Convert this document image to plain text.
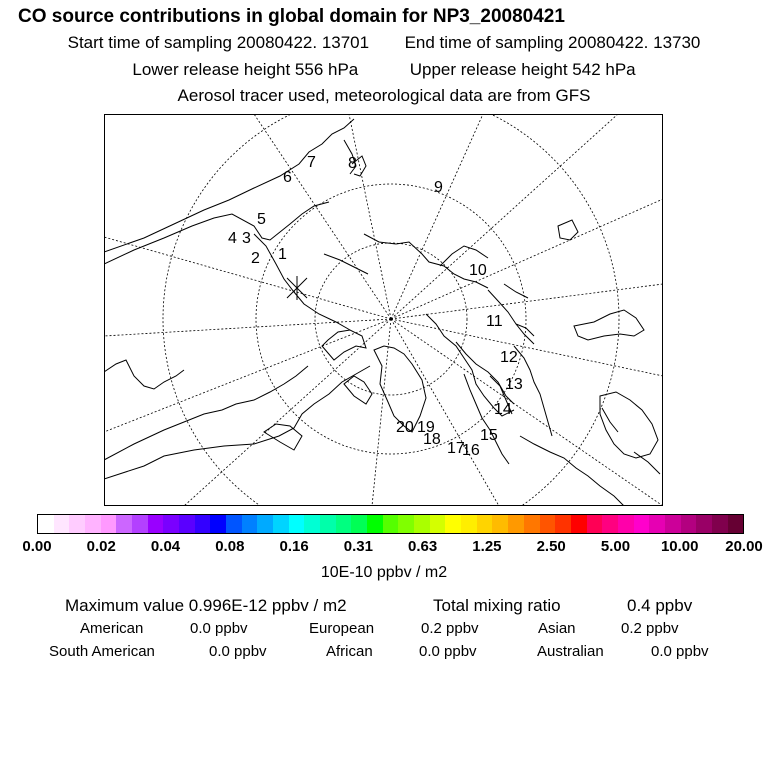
CO source contributions in global domain for NP3_20080421
Start time of sampling 20080422. 13701 End time of sampling 20080422. 13730
Lower release height 556 hPa	Upper release height 542 hPa
Aerosol tracer used, meteorological data are from GFS
1
2
3
4
5
6
7 8
9
10
11
12
13
14
15
16
17
18
19
20
0.00 0.02 0.04 0.08 0.16 0.31 0.63 1.25 2.50 5.00 10.00 20.00
10E-10 ppbv / m2
Maximum value 0.996E-12 ppbv / m2	Total mixing ratio	0.4 ppbv
American	0.0 ppbv	European	0.2 ppbv	Asian	0.2 ppbv
South American	0.0 ppbv	African	0.0 ppbv	Australian	0.0 ppbv
